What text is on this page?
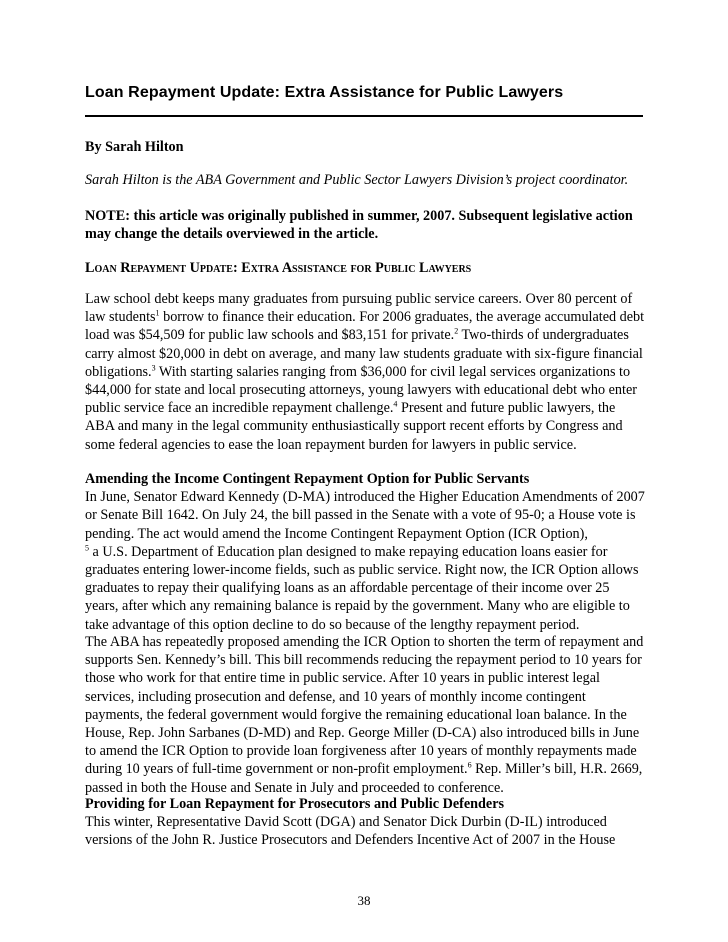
Loan Repayment Update: Extra Assistance for Public Lawyers
By Sarah Hilton
Sarah Hilton is the ABA Government and Public Sector Lawyers Division’s project coordinator.
NOTE: this article was originally published in summer, 2007. Subsequent legislative action may change the details overviewed in the article.
Loan Repayment Update: Extra Assistance for Public Lawyers
Law school debt keeps many graduates from pursuing public service careers. Over 80 percent of law students$^1$ borrow to finance their education. For 2006 graduates, the average accumulated debt load was $54,509 for public law schools and $83,151 for private.$^2$ Two-thirds of undergraduates carry almost $20,000 in debt on average, and many law students graduate with six-figure financial obligations.$^3$ With starting salaries ranging from $36,000 for civil legal services organizations to $44,000 for state and local prosecuting attorneys, young lawyers with educational debt who enter public service face an incredible repayment challenge.$^4$ Present and future public lawyers, the ABA and many in the legal community enthusiastically support recent efforts by Congress and some federal agencies to ease the loan repayment burden for lawyers in public service.
Amending the Income Contingent Repayment Option for Public Servants
In June, Senator Edward Kennedy (D-MA) introduced the Higher Education Amendments of 2007 or Senate Bill 1642. On July 24, the bill passed in the Senate with a vote of 95-0; a House vote is pending. The act would amend the Income Contingent Repayment Option (ICR Option),
$^5$ a U.S. Department of Education plan designed to make repaying education loans easier for graduates entering lower-income fields, such as public service. Right now, the ICR Option allows graduates to repay their qualifying loans as an affordable percentage of their income over 25 years, after which any remaining balance is repaid by the government. Many who are eligible to take advantage of this option decline to do so because of the lengthy repayment period.
The ABA has repeatedly proposed amending the ICR Option to shorten the term of repayment and supports Sen. Kennedy’s bill. This bill recommends reducing the repayment period to 10 years for those who work for that entire time in public service. After 10 years in public interest legal services, including prosecution and defense, and 10 years of monthly income contingent payments, the federal government would forgive the remaining educational loan balance. In the House, Rep. John Sarbanes (D-MD) and Rep. George Miller (D-CA) also introduced bills in June to amend the ICR Option to provide loan forgiveness after 10 years of monthly repayments made during 10 years of full-time government or non-profit employment.$^6$ Rep. Miller’s bill, H.R. 2669, passed in both the House and Senate in July and proceeded to conference.
Providing for Loan Repayment for Prosecutors and Public Defenders
This winter, Representative David Scott (DGA) and Senator Dick Durbin (D-IL) introduced versions of the John R. Justice Prosecutors and Defenders Incentive Act of 2007 in the House
38
